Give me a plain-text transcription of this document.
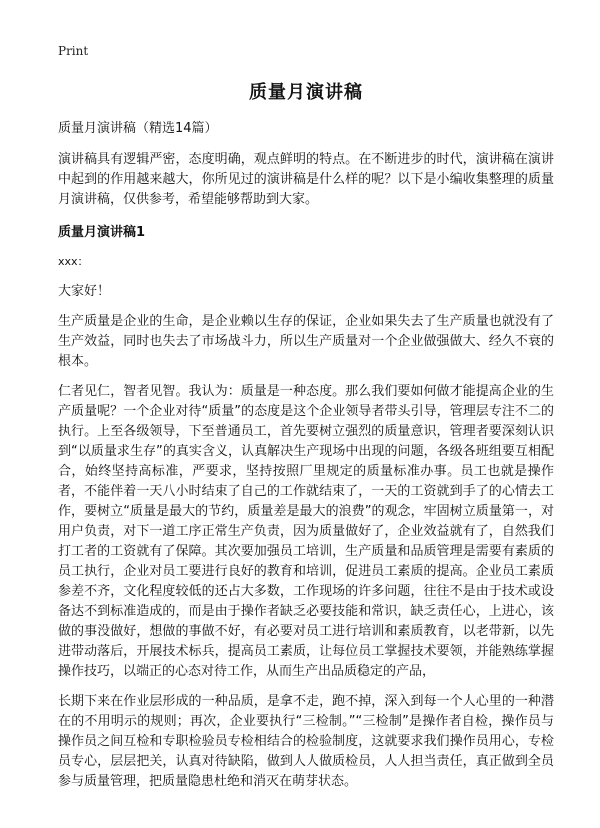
Print
质量月演讲稿
质量月演讲稿（精选14篇）

演讲稿具有逻辑严密，态度明确，观点鲜明的特点。在不断进步的时代，演讲稿在演讲中起到的作用越来越大，你所见过的演讲稿是什么样的呢？以下是小编收集整理的质量月演讲稿，仅供参考，希望能够帮助到大家。

质量月演讲稿1
xxx：

大家好！

生产质量是企业的生命，是企业赖以生存的保证，企业如果失去了生产质量也就没有了生产效益，同时也失去了市场战斗力，所以生产质量对一个企业做强做大、经久不衰的根本。

仁者见仁，智者见智。我认为：质量是一种态度。那么我们要如何做才能提高企业的生产质量呢？一个企业对待“质量”的态度是这个企业领导者带头引导，管理层专注不二的执行。上至各级领导，下至普通员工，首先要树立强烈的质量意识，管理者要深刻认识到“以质量求生存”的真实含义，认真解决生产现场中出现的问题，各级各班组要互相配合，始终坚持高标准，严要求，坚持按照厂里规定的质量标准办事。员工也就是操作者，不能伴着一天八小时结束了自己的工作就结束了，一天的工资就到手了的心情去工作，要树立“质量是最大的节约，质量差是最大的浪费”的观念，牢固树立质量第一，对用户负责，对下一道工序正常生产负责，因为质量做好了，企业效益就有了，自然我们打工者的工资就有了保障。其次要加强员工培训，生产质量和品质管理是需要有素质的员工执行，企业对员工要进行良好的教育和培训，促进员工素质的提高。企业员工素质参差不齐，文化程度较低的还占大多数，工作现场的许多问题，往往不是由于技术或设备达不到标准造成的，而是由于操作者缺乏必要技能和常识，缺乏责任心，上进心，该做的事没做好，想做的事做不好，有必要对员工进行培训和素质教育，以老带新，以先进带动落后，开展技术标兵，提高员工素质，让每位员工掌握技术要领，并能熟练掌握操作技巧，以端正的心态对待工作，从而生产出品质稳定的产品，

长期下来在作业层形成的一种品质，是拿不走，跑不掉，深入到每一个人心里的一种潜在的不用明示的规则；再次，企业要执行“三检制。”“三检制”是操作者自检，操作员与操作员之间互检和专职检验员专检相结合的检验制度，这就要求我们操作员用心，专检员专心，层层把关，认真对待缺陷，做到人人做质检员，人人担当责任，真正做到全员参与质量管理，把质量隐患杜绝和消灭在萌芽状态。
